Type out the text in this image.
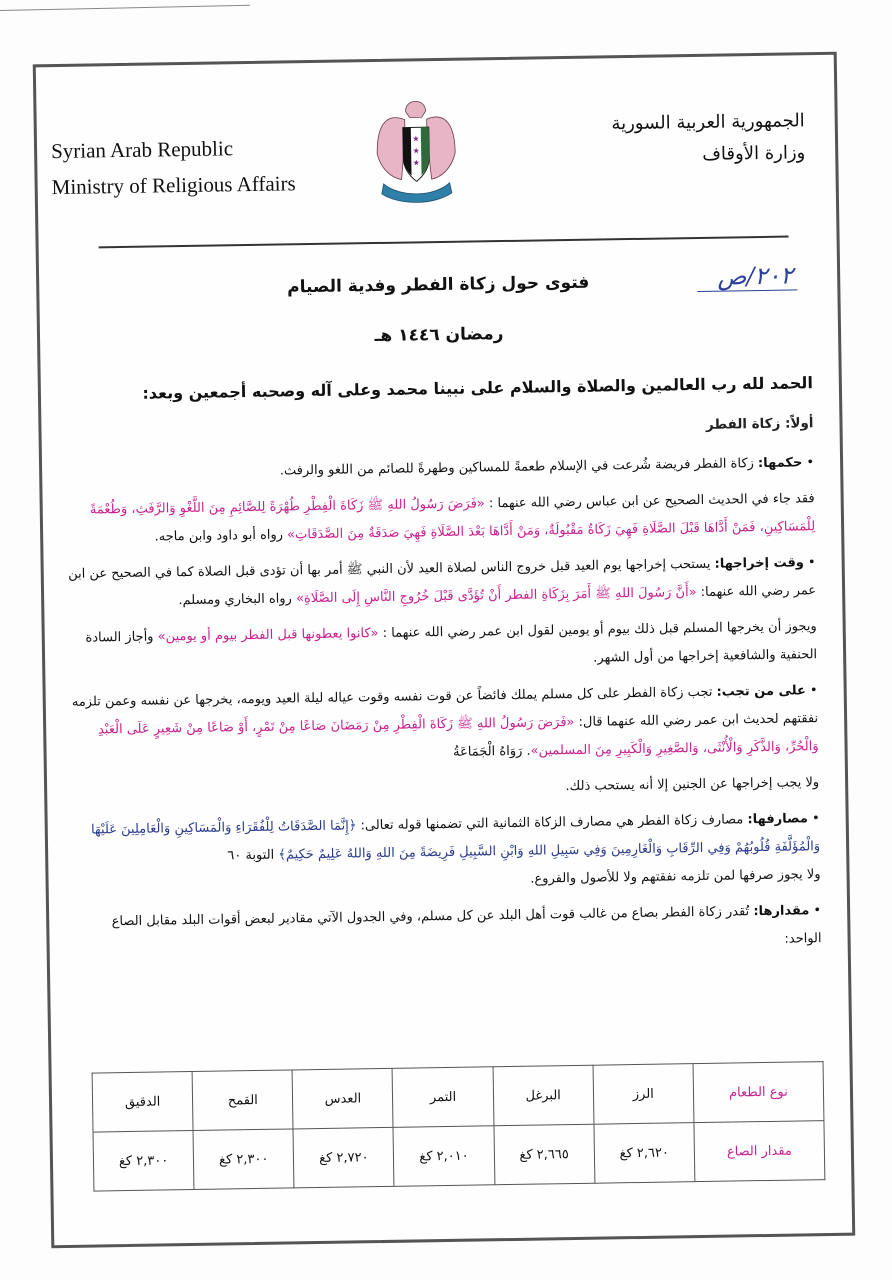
Syrian Arab Republic
Ministry of Religious Affairs
★
★
★
الجمهورية العربية السورية
وزارة الأوقاف
٢٠٢/ص
فتوى حول زكاة الفطر وفدية الصيام
رمضان ١٤٤٦ هـ
الحمد لله رب العالمين والصلاة والسلام على نبينا محمد وعلى آله وصحبه أجمعين وبعد:
أولاً: زكاة الفطر

• حكمها: زكاة الفطر فريضة شُرعت في الإسلام طعمةً للمساكين وطهرةً للصائم من اللغو والرفث.

فقد جاء في الحديث الصحيح عن ابن عباس رضي الله عنهما : «فَرَضَ رَسُولُ اللهِ ﷺ زَكَاةَ الْفِطْرِ طُهْرَةً لِلصَّائِمِ مِنَ اللَّغْوِ وَالرَّفَثِ، وَطُعْمَةً لِلْمَسَاكِينِ، فَمَنْ أَدَّاهَا قَبْلَ الصَّلَاةِ فَهِيَ زَكَاةٌ مَقْبُولَةٌ، وَمَنْ أَدَّاهَا بَعْدَ الصَّلَاةِ فَهِيَ صَدَقَةٌ مِنَ الصَّدَقَاتِ» رواه أبو داود وابن ماجه.

• وقت إخراجها: يستحب إخراجها يوم العيد قبل خروج الناس لصلاة العيد لأن النبي ﷺ أمر بها أن تؤدى قبل الصلاة كما في الصحيح عن ابن عمر رضي الله عنهما: «أَنَّ رَسُولَ اللهِ ﷺ أَمَرَ بِزَكَاةِ الفطر أَنْ تُؤَدَّى قَبْلَ خُرُوجِ النَّاسِ إِلَى الصَّلَاةِ» رواه البخاري ومسلم.

ويجوز أن يخرجها المسلم قبل ذلك بيوم أو يومين لقول ابن عمر رضي الله عنهما : «كانوا يعطونها قبل الفطر بيوم أو يومين» وأجاز السادة الحنفية والشافعية إخراجها من أول الشهر.

• على من تجب: تجب زكاة الفطر على كل مسلم يملك فائضاً عن قوت نفسه وقوت عياله ليلة العيد ويومه، يخرجها عن نفسه وعمن تلزمه نفقتهم لحديث ابن عمر رضي الله عنهما قال: «فَرَضَ رَسُولُ اللهِ ﷺ زَكَاةَ الْفِطْرِ مِنْ رَمَضَانَ صَاعًا مِنْ تَمْرٍ، أَوْ صَاعًا مِنْ شَعِيرٍ عَلَى الْعَبْدِ وَالْحُرِّ، وَالذَّكَرِ وَالْأُنْثَى، وَالصَّغِيرِ وَالْكَبِيرِ مِنَ المسلمين». رَوَاهُ الْجَمَاعَةُ

ولا يجب إخراجها عن الجنين إلا أنه يستحب ذلك.

• مصارفها: مصارف زكاة الفطر هي مصارف الزكاة الثمانية التي تضمنها قوله تعالى: ﴿إِنَّمَا الصَّدَقَاتُ لِلْفُقَرَاءِ وَالْمَسَاكِينِ وَالْعَامِلِينَ عَلَيْهَا وَالْمُؤَلَّفَةِ قُلُوبُهُمْ وَفِي الرِّقَابِ وَالْغَارِمِينَ وَفِي سَبِيلِ اللهِ وَابْنِ السَّبِيلِ فَرِيضَةً مِنَ اللهِ وَاللهُ عَلِيمٌ حَكِيمٌ﴾ التوبة ٦٠
ولا يجوز صرفها لمن تلزمه نفقتهم ولا للأصول والفروع.

• مقدارها: تُقدر زكاة الفطر بصاع من غالب قوت أهل البلد عن كل مسلم، وفي الجدول الآتي مقادير لبعض أقوات البلد مقابل الصاع الواحد:

نوع الطعام	الرز	البرغل	التمر	العدس	القمح	الدقيق
مقدار الصاع	٢,٦٢٠ كغ	٢,٦٦٥ كغ	٢,٠١٠ كغ	٢,٧٢٠ كغ	٢,٣٠٠ كغ	٢,٣٠٠ كغ
